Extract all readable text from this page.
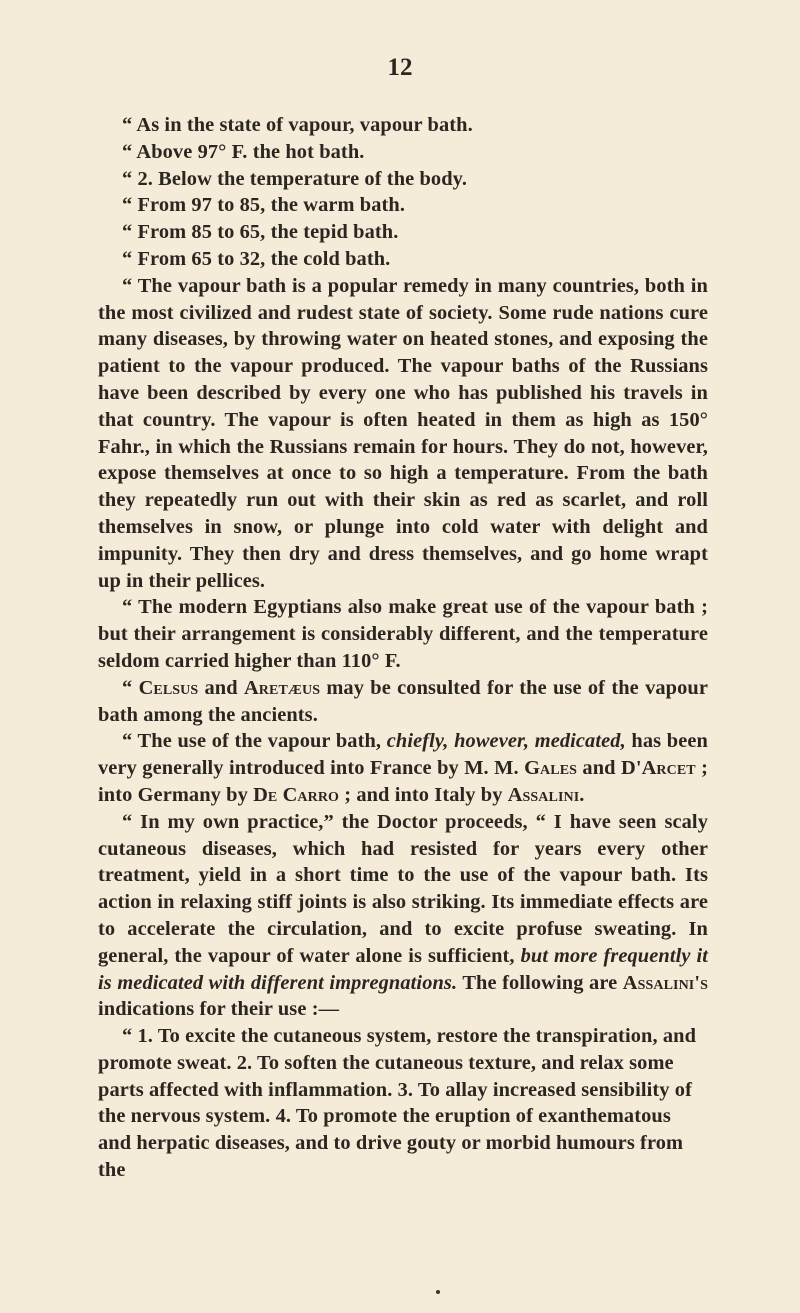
12

“ As in the state of vapour, vapour bath.

“ Above 97° F. the hot bath.

“ 2. Below the temperature of the body.

“ From 97 to 85, the warm bath.

“ From 85 to 65, the tepid bath.

“ From 65 to 32, the cold bath.

“ The vapour bath is a popular remedy in many countries, both in the most civilized and rudest state of society. Some rude nations cure many diseases, by throwing water on heated stones, and exposing the patient to the vapour produced. The vapour baths of the Russians have been described by every one who has published his travels in that country. The vapour is often heated in them as high as 150° Fahr., in which the Russians remain for hours. They do not, however, expose themselves at once to so high a temperature. From the bath they repeatedly run out with their skin as red as scarlet, and roll themselves in snow, or plunge into cold water with delight and impunity. They then dry and dress themselves, and go home wrapt up in their pellices.

“ The modern Egyptians also make great use of the vapour bath ; but their arrangement is considerably different, and the temperature seldom carried higher than 110° F.

“ Celsus and Aretæus may be consulted for the use of the vapour bath among the ancients.

“ The use of the vapour bath, chiefly, however, medicated, has been very generally introduced into France by M. M. Gales and D'Arcet ; into Germany by De Carro ; and into Italy by Assalini.

“ In my own practice,” the Doctor proceeds, “ I have seen scaly cutaneous diseases, which had resisted for years every other treatment, yield in a short time to the use of the vapour bath. Its action in relaxing stiff joints is also striking. Its immediate effects are to accelerate the circulation, and to excite profuse sweating. In general, the vapour of water alone is sufficient, but more frequently it is medicated with different impregnations. The following are Assalini's indications for their use :—

“ 1. To excite the cutaneous system, restore the transpiration, and promote sweat. 2. To soften the cutaneous texture, and relax some parts affected with inflammation. 3. To allay increased sensibility of the nervous system. 4. To promote the eruption of exanthematous and herpatic diseases, and to drive gouty or morbid humours from the
